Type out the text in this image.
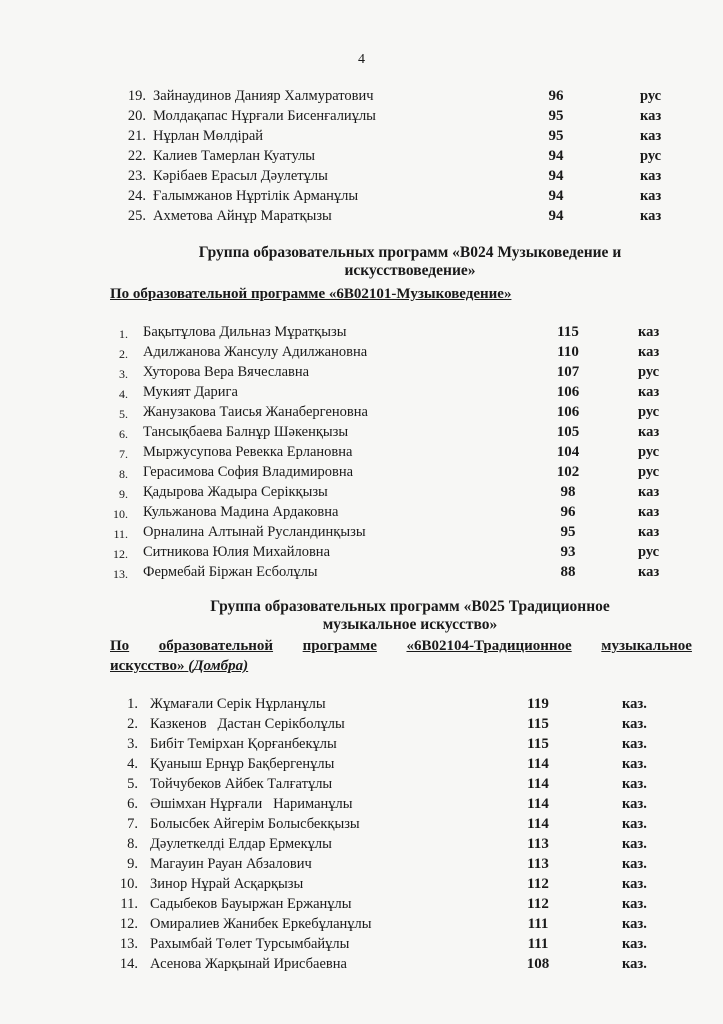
4
19. Зайнаудинов Данияр Халмуратович	96	рус
20. Молдақапас Нұрғали Бисенғалиұлы	95	каз
21. Нұрлан Мөлдірай	95	каз
22. Калиев Тамерлан Куатулы	94	рус
23. Кәрібаев Ерасыл Дәулетұлы	94	каз
24. Ғалымжанов Нұртілік Арманұлы	94	каз
25. Ахметова Айнұр Маратқызы	94	каз
Группа образовательных программ «В024 Музыковедение и
искусствоведение»
По образовательной программе «6В02101-Музыковедение»
1. Бақытұлова Дильназ Мұратқызы	115	каз
2. Адилжанова Жансулу Адилжановна	110	каз
3. Хуторова Вера Вячеславна	107	рус
4. Мукият Дарига	106	каз
5. Жанузакова Таисья Жанабергеновна	106	рус
6. Тансықбаева Балнұр Шәкенқызы	105	каз
7. Мыржусупова Ревекка Ерлановна	104	рус
8. Герасимова София Владимировна	102	рус
9. Қадырова Жадыра Серікқызы	98	каз
10. Кульжанова Мадина Ардаковна	96	каз
11. Орналина Алтынай Русландинқызы	95	каз
12. Ситникова Юлия Михайловна	93	рус
13. Фермебай Біржан Есболұлы	88	каз
Группа образовательных программ «В025 Традиционное
музыкальное искусство»
По образовательной программе «6В02104-Традиционное музыкальное
искусство» (Домбра)
1. Жұмағали Серік Нұрланұлы	119	каз.
2. Казкенов   Дастан Серікболұлы	115	каз.
3. Бибіт Темірхан Қорғанбекұлы	115	каз.
4. Қуаныш Ернұр Бақбергенұлы	114	каз.
5. Тойчубеков Айбек Талғатұлы	114	каз.
6. Әшімхан Нұрғали   Нариманұлы	114	каз.
7. Болысбек Айгерім Болысбекқызы	114	каз.
8. Дәулеткелді Елдар Ермекұлы	113	каз.
9. Магауин Рауан Абзалович	113	каз.
10. Зинор Нұрай Асқарқызы	112	каз.
11. Садыбеков Бауыржан Ержанұлы	112	каз.
12. Омиралиев Жанибек Еркебұланұлы	111	каз.
13. Рахымбай Төлет Турсымбайұлы	111	каз.
14. Асенова Жарқынай Ирисбаевна	108	каз.
